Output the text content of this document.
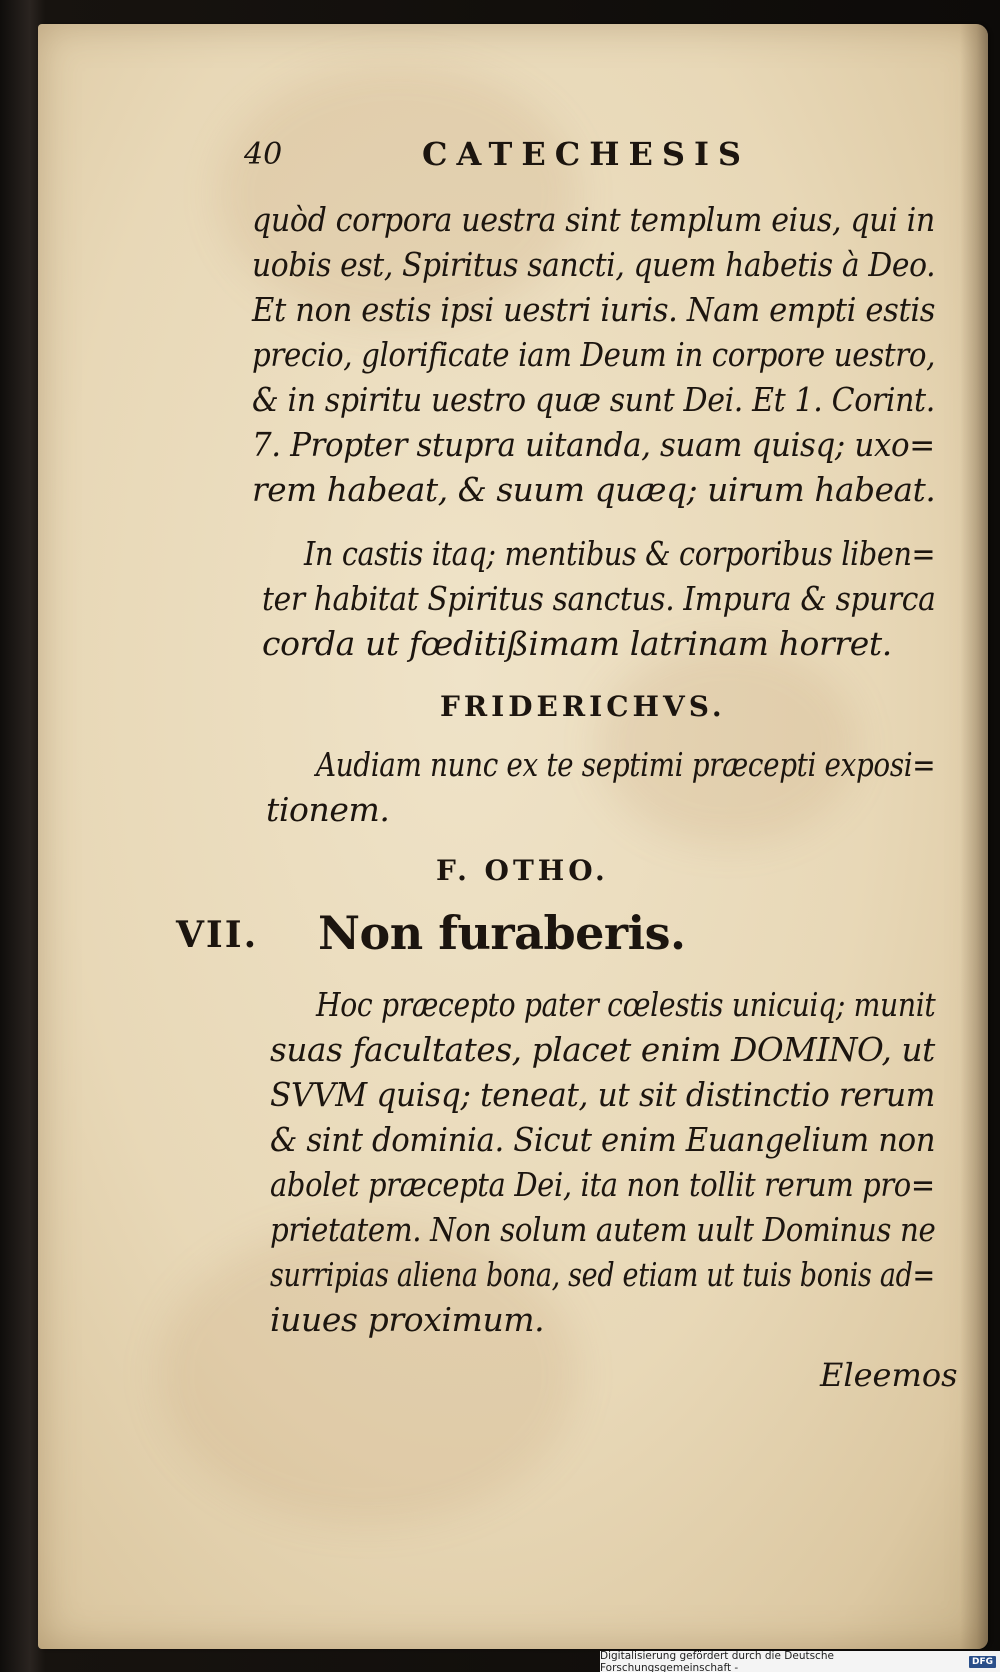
40	CATECHESIS
quòd corpora uestra sint templum eius, qui in
uobis est, Spiritus sancti, quem habetis à Deo.
Et non estis ipsi uestri iuris. Nam empti estis
precio, glorificate iam Deum in corpore uestro,
& in spiritu uestro quæ sunt Dei. Et 1. Corint.
7. Propter stupra uitanda, suam quisq; uxo=
rem habeat, & suum quæq; uirum habeat.
In castis itaq; mentibus & corporibus liben=
ter habitat Spiritus sanctus. Impura & spurca
corda ut fœditißimam latrinam horret.
FRIDERICHVS.
Audiam nunc ex te septimi præcepti exposi=
tionem.
F. OTHO.
VII. Non furaberis.
Hoc præcepto pater cœlestis unicuiq; munit
suas facultates, placet enim DOMINO, ut
SVVM quisq; teneat, ut sit distinctio rerum
& sint dominia. Sicut enim Euangelium non
abolet præcepta Dei, ita non tollit rerum pro=
prietatem. Non solum autem uult Dominus ne
surripias aliena bona, sed etiam ut tuis bonis ad=
iuues proximum.
Eleemos
Digitalisierung gefördert durch die Deutsche Forschungsgemeinschaft -	DFG
